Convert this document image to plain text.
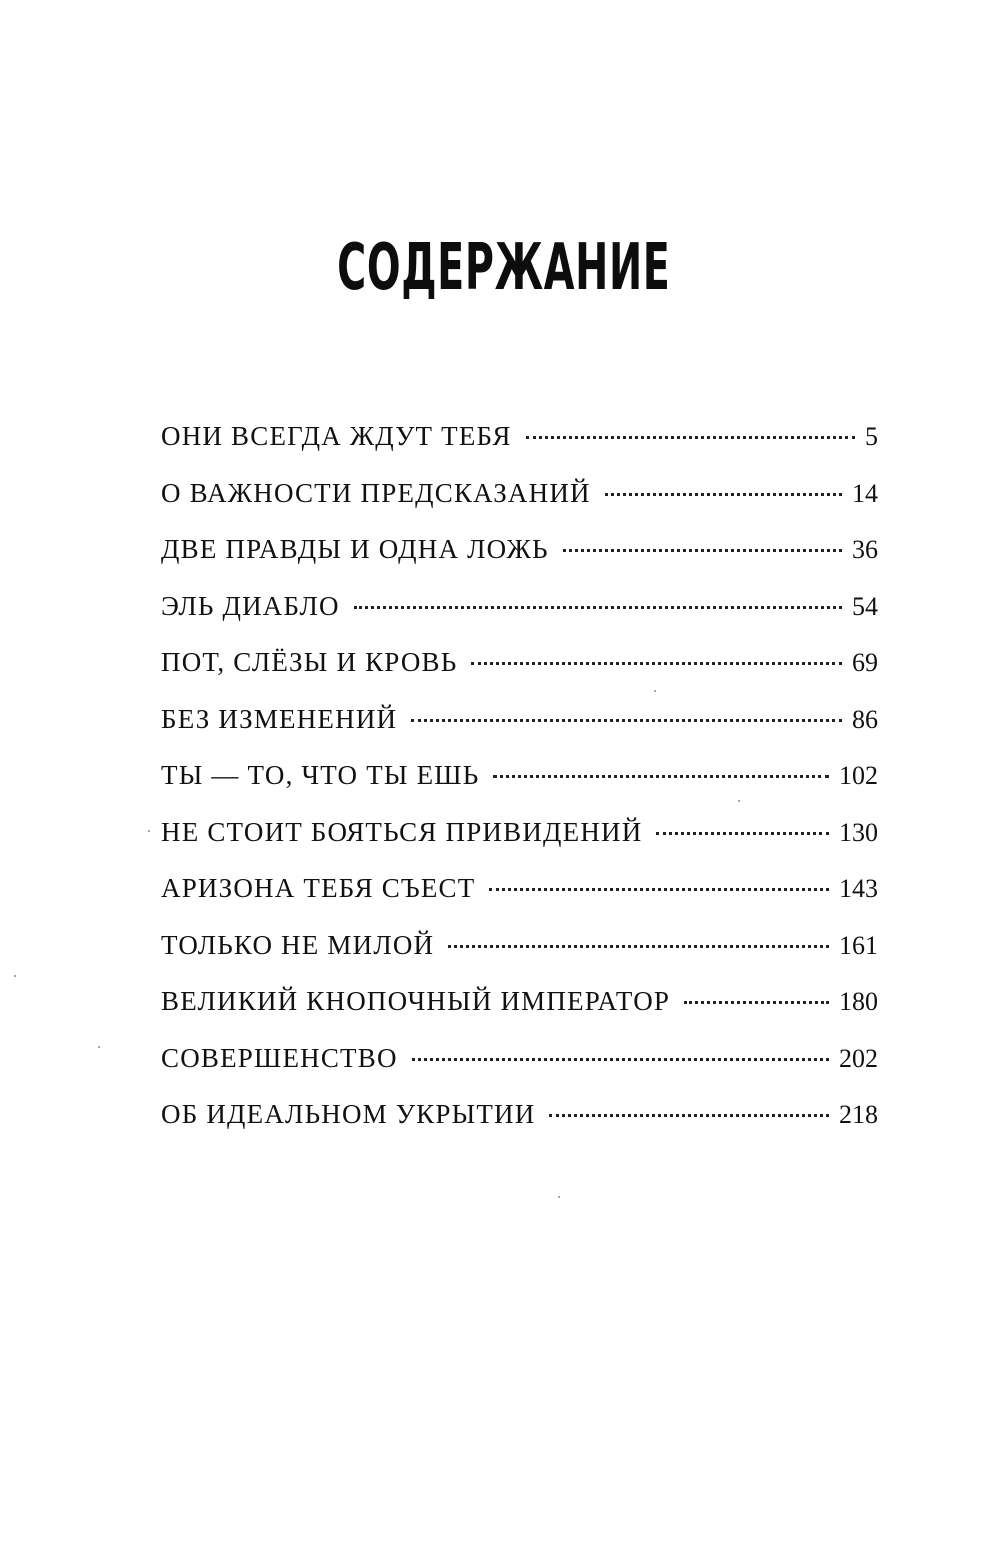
СОДЕРЖАНИЕ
ОНИ ВСЕГДА ЖДУТ ТЕБЯ	5
О ВАЖНОСТИ ПРЕДСКАЗАНИЙ	14
ДВЕ ПРАВДЫ И ОДНА ЛОЖЬ	36
ЭЛЬ ДИАБЛО	54
ПОТ, СЛЁЗЫ И КРОВЬ	69
БЕЗ ИЗМЕНЕНИЙ	86
ТЫ — ТО, ЧТО ТЫ ЕШЬ	102
НЕ СТОИТ БОЯТЬСЯ ПРИВИДЕНИЙ	130
АРИЗОНА ТЕБЯ СЪЕСТ	143
ТОЛЬКО НЕ МИЛОЙ	161
ВЕЛИКИЙ КНОПОЧНЫЙ ИМПЕРАТОР	180
СОВЕРШЕНСТВО	202
ОБ ИДЕАЛЬНОМ УКРЫТИИ	218
